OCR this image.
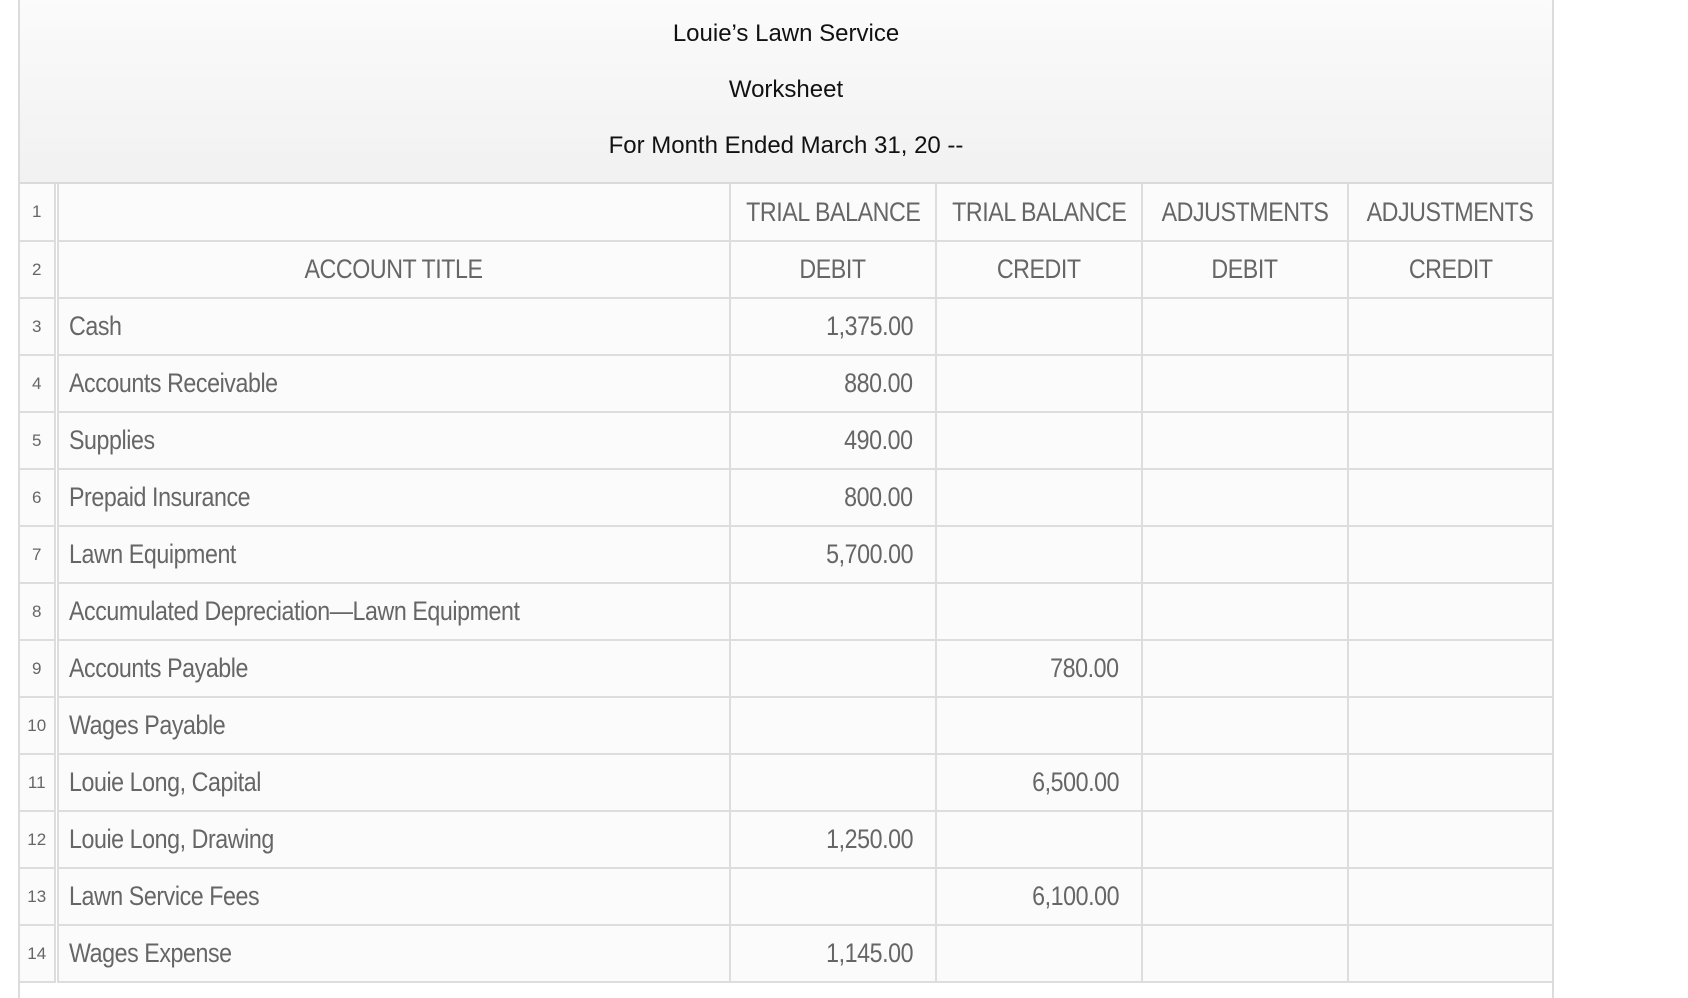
Louie’s Lawn Service
Worksheet
For Month Ended March 31, 20 --
1		TRIAL BALANCE	TRIAL BALANCE	ADJUSTMENTS	ADJUSTMENTS
2	ACCOUNT TITLE	DEBIT	CREDIT	DEBIT	CREDIT
3	Cash	1,375.00			
4	Accounts Receivable	880.00			
5	Supplies	490.00			
6	Prepaid Insurance	800.00			
7	Lawn Equipment	5,700.00			
8	Accumulated Depreciation—Lawn Equipment				
9	Accounts Payable		780.00		
10	Wages Payable				
11	Louie Long, Capital		6,500.00		
12	Louie Long, Drawing	1,250.00			
13	Lawn Service Fees		6,100.00		
14	Wages Expense	1,145.00			
